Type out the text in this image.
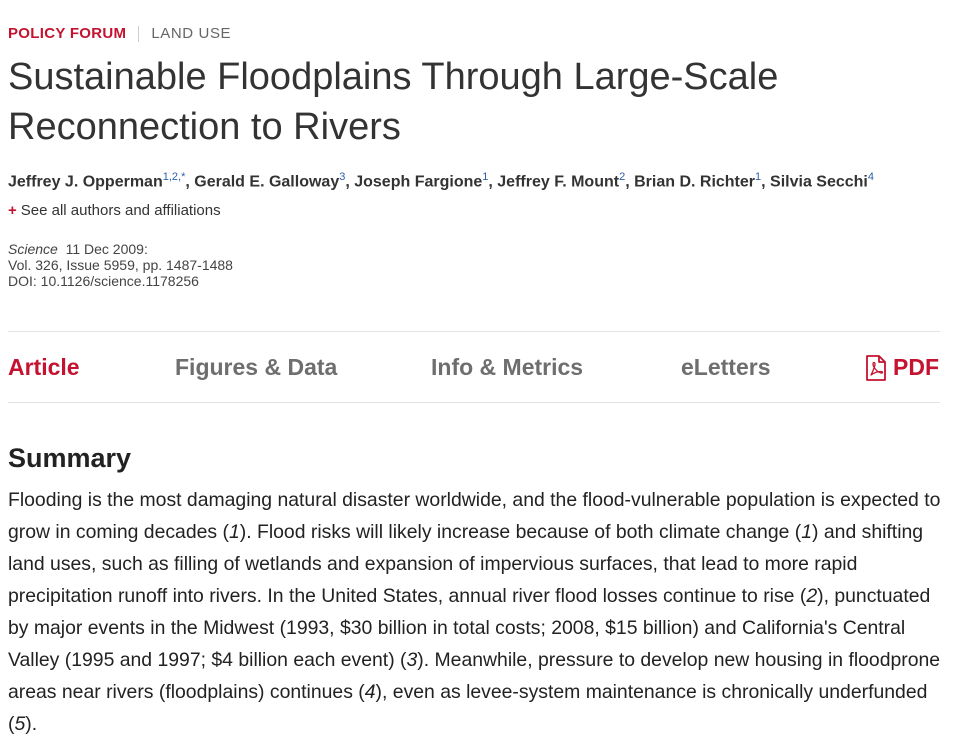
POLICY FORUM LAND USE
Sustainable Floodplains Through Large-Scale Reconnection to Rivers
Jeffrey J. Opperman$^{1,2,*}$, Gerald E. Galloway$^3$, Joseph Fargione$^1$, Jeffrey F. Mount$^2$, Brian D. Richter$^1$, Silvia Secchi$^4$
+ See all authors and affiliations
Science 11 Dec 2009:
Vol. 326, Issue 5959, pp. 1487-1488
DOI: 10.1126/science.1178256
Article	Figures & Data	Info & Metrics	eLetters	PDF
Summary

Flooding is the most damaging natural disaster worldwide, and the flood-vulnerable population is expected to grow in coming decades (1). Flood risks will likely increase because of both climate change (1) and shifting land uses, such as filling of wetlands and expansion of impervious surfaces, that lead to more rapid precipitation runoff into rivers. In the United States, annual river flood losses continue to rise (2), punctuated by major events in the Midwest (1993, $30 billion in total costs; 2008, $15 billion) and California's Central Valley (1995 and 1997; $4 billion each event) (3). Meanwhile, pressure to develop new housing in floodprone areas near rivers (floodplains) continues (4), even as levee-system maintenance is chronically underfunded (5).
